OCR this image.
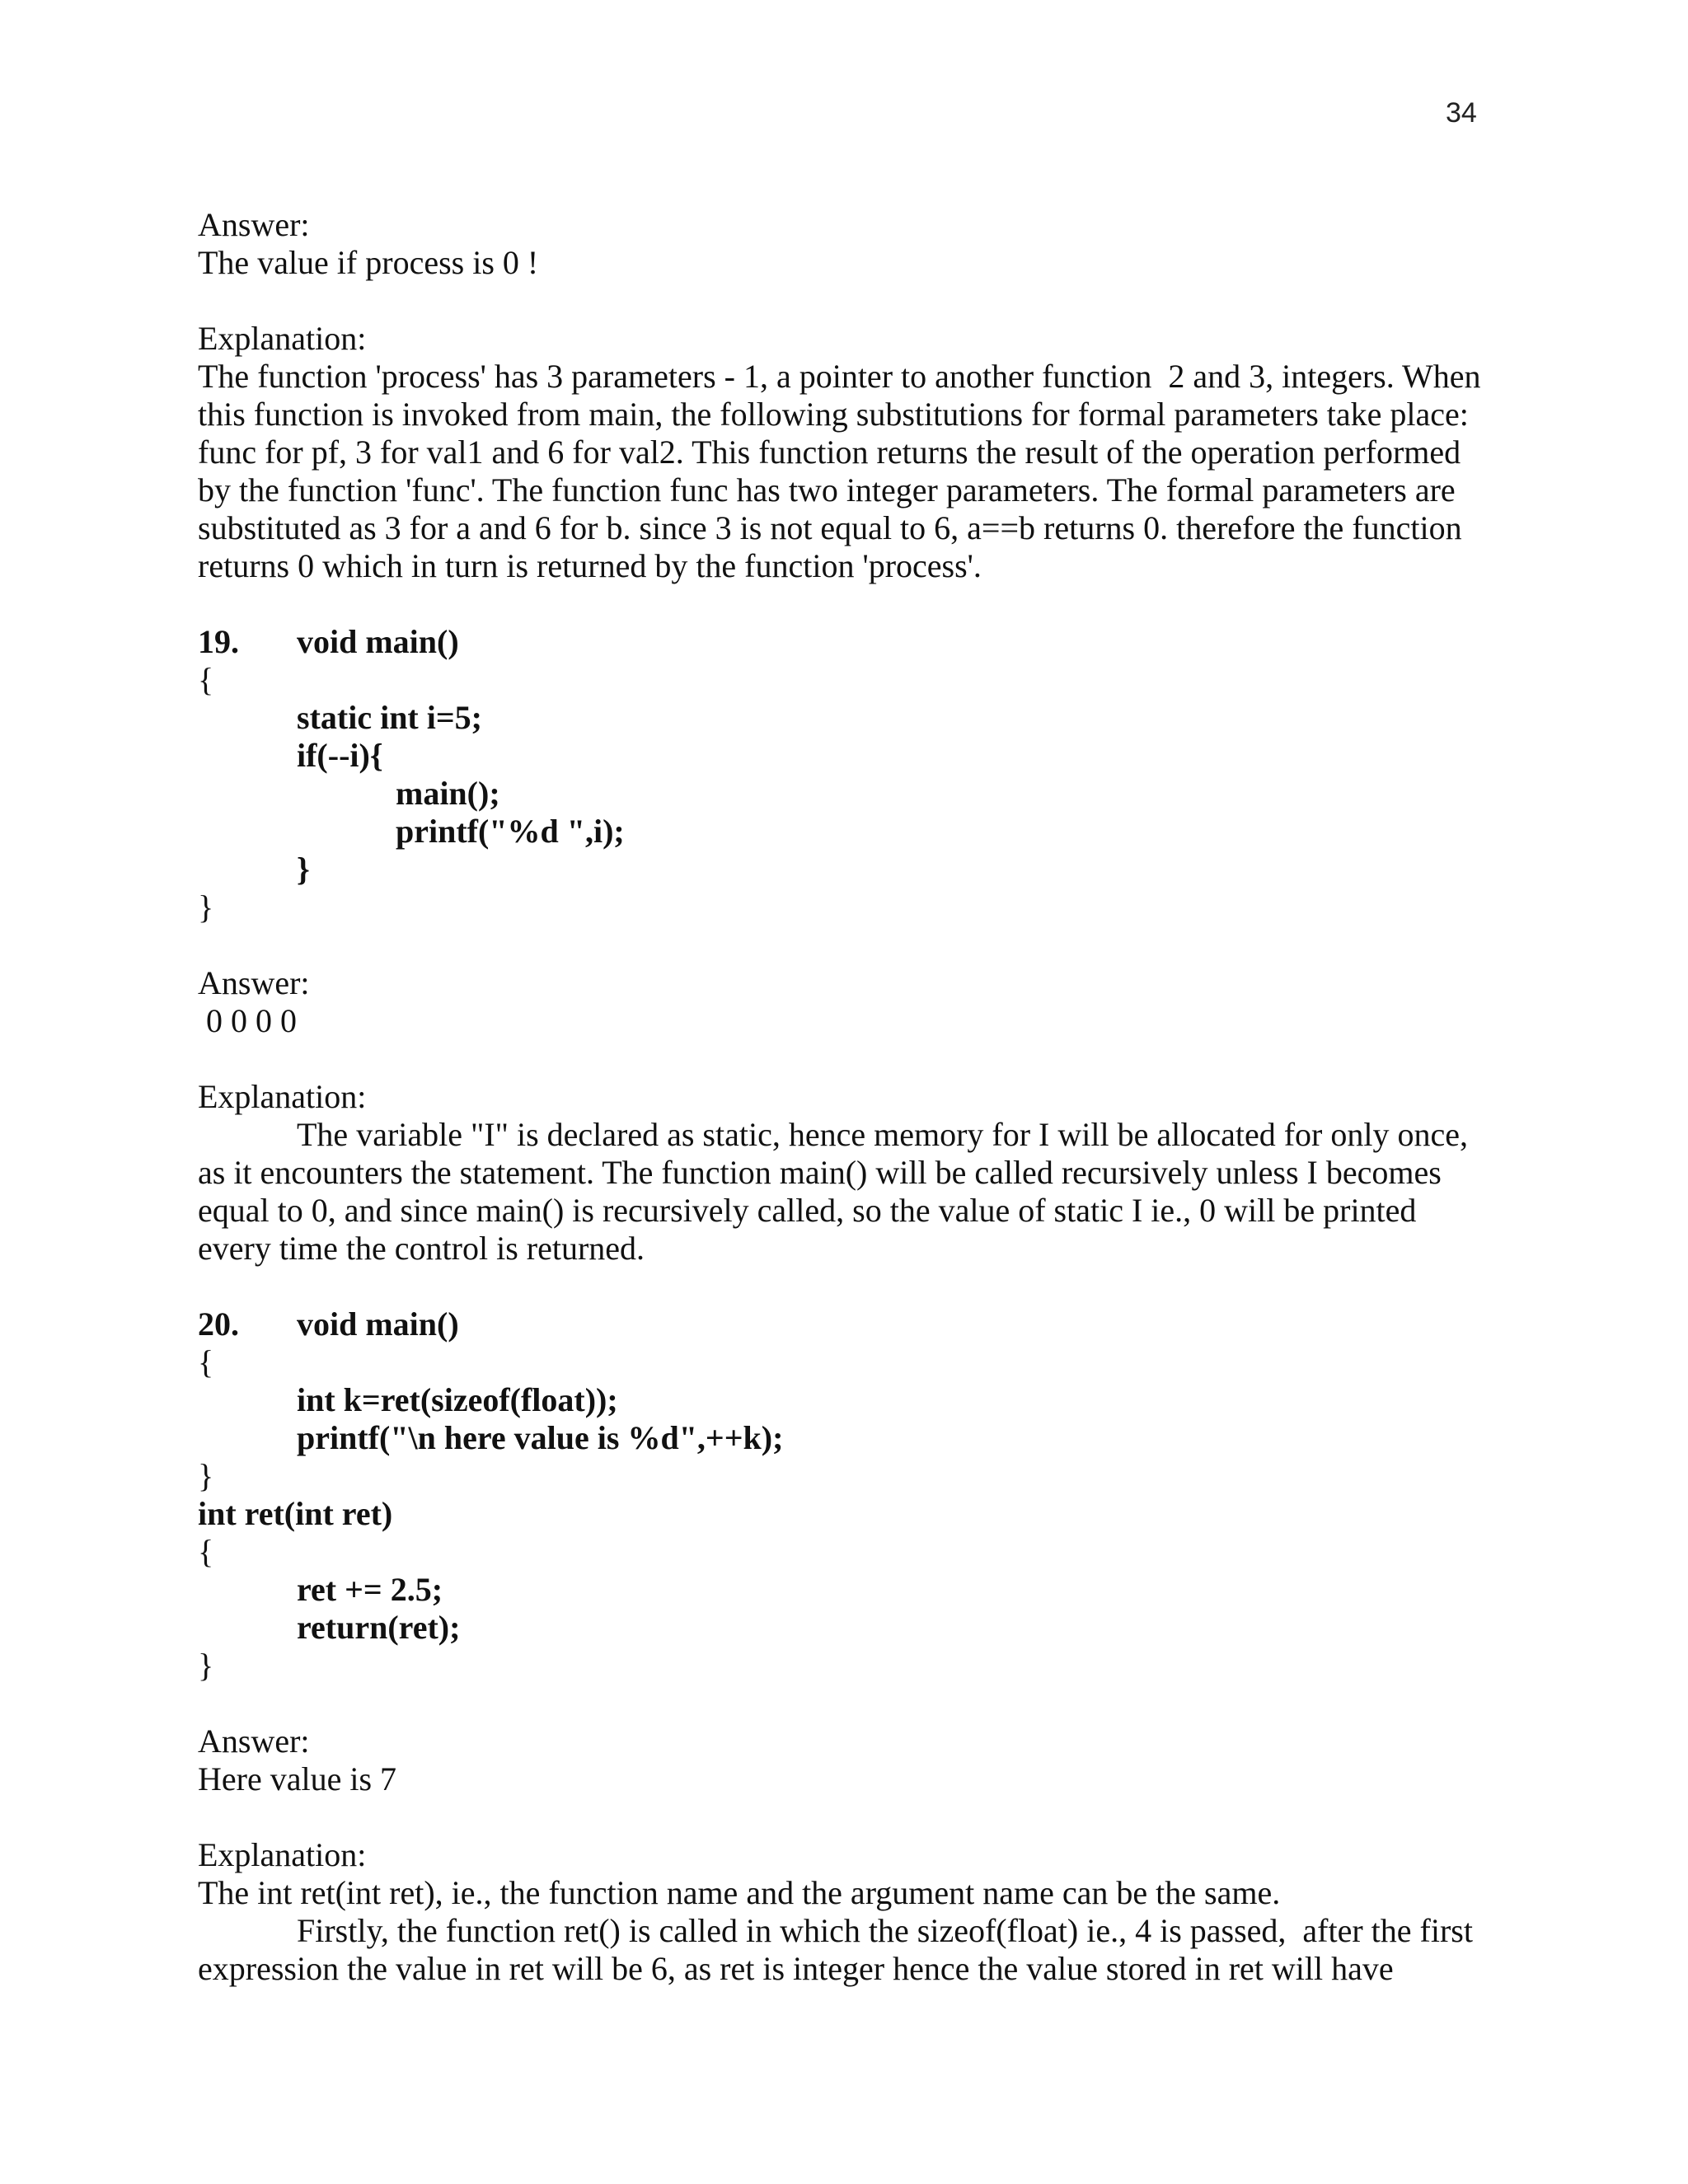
34
Answer:
The value if process is 0 !
Explanation:
The function 'process' has 3 parameters - 1, a pointer to another function  2 and 3, integers. When
this function is invoked from main, the following substitutions for formal parameters take place:
func for pf, 3 for val1 and 6 for val2. This function returns the result of the operation performed
by the function 'func'. The function func has two integer parameters. The formal parameters are
substituted as 3 for a and 6 for b. since 3 is not equal to 6, a==b returns 0. therefore the function
returns 0 which in turn is returned by the function 'process'.
19. void main()
{
static int i=5;
if(--i){
main();
printf("%d ",i);
}
}
Answer:
0 0 0 0
Explanation:
The variable "I" is declared as static, hence memory for I will be allocated for only once,
as it encounters the statement. The function main() will be called recursively unless I becomes
equal to 0, and since main() is recursively called, so the value of static I ie., 0 will be printed
every time the control is returned.
20. void main()
{
int k=ret(sizeof(float));
printf("\n here value is %d",++k);
}
int ret(int ret)
{
ret += 2.5;
return(ret);
}
Answer:
Here value is 7
Explanation:
The int ret(int ret), ie., the function name and the argument name can be the same.
Firstly, the function ret() is called in which the sizeof(float) ie., 4 is passed,  after the first
expression the value in ret will be 6, as ret is integer hence the value stored in ret will have
